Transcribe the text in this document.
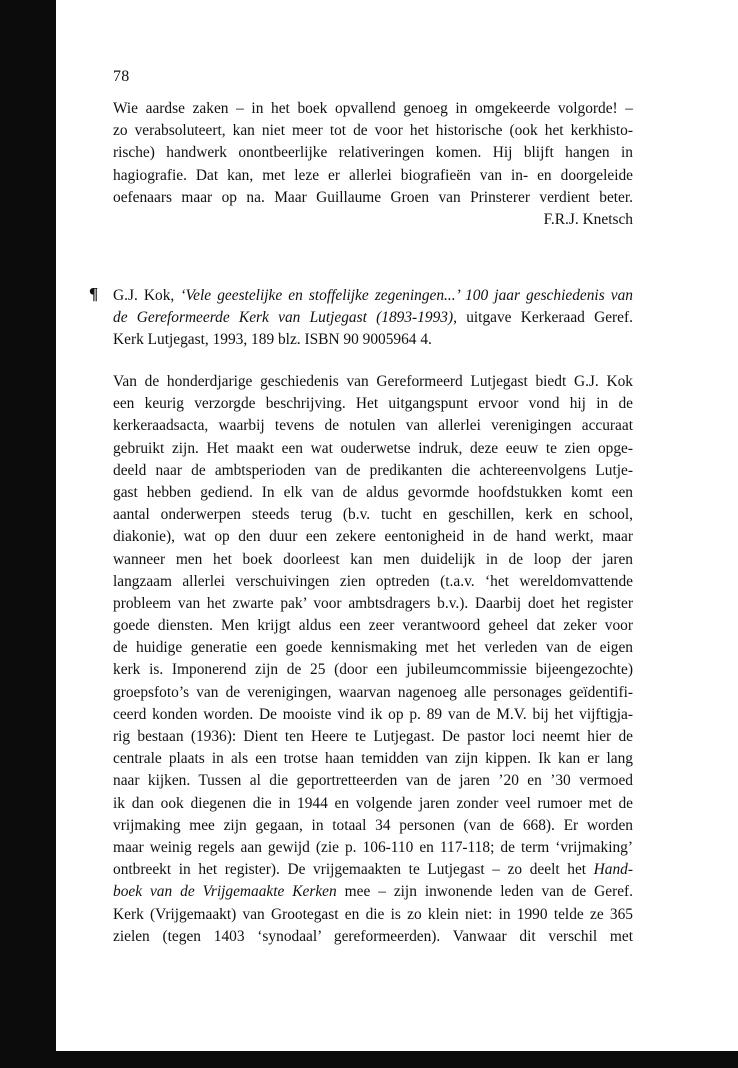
78
Wie aardse zaken – in het boek opvallend genoeg in omgekeerde volgorde! –
zo verabsoluteert, kan niet meer tot de voor het historische (ook het kerkhisto-
rische) handwerk onontbeerlijke relativeringen komen. Hij blijft hangen in
hagiografie. Dat kan, met leze er allerlei biografieën van in- en doorgeleide
oefenaars maar op na. Maar Guillaume Groen van Prinsterer verdient beter.
F.R.J. Knetsch
¶ G.J. Kok, ‘Vele geestelijke en stoffelijke zegeningen...’ 100 jaar geschiedenis van
de Gereformeerde Kerk van Lutjegast (1893-1993), uitgave Kerkeraad Geref.
Kerk Lutjegast, 1993, 189 blz. ISBN 90 9005964 4.
Van de honderdjarige geschiedenis van Gereformeerd Lutjegast biedt G.J. Kok
een keurig verzorgde beschrijving. Het uitgangspunt ervoor vond hij in de
kerkeraadsacta, waarbij tevens de notulen van allerlei verenigingen accuraat
gebruikt zijn. Het maakt een wat ouderwetse indruk, deze eeuw te zien opge-
deeld naar de ambtsperioden van de predikanten die achtereenvolgens Lutje-
gast hebben gediend. In elk van de aldus gevormde hoofdstukken komt een
aantal onderwerpen steeds terug (b.v. tucht en geschillen, kerk en school,
diakonie), wat op den duur een zekere eentonigheid in de hand werkt, maar
wanneer men het boek doorleest kan men duidelijk in de loop der jaren
langzaam allerlei verschuivingen zien optreden (t.a.v. ‘het wereldomvattende
probleem van het zwarte pak’ voor ambtsdragers b.v.). Daarbij doet het register
goede diensten. Men krijgt aldus een zeer verantwoord geheel dat zeker voor
de huidige generatie een goede kennismaking met het verleden van de eigen
kerk is. Imponerend zijn de 25 (door een jubileumcommissie bijeengezochte)
groepsfoto’s van de verenigingen, waarvan nagenoeg alle personages geïdentifi-
ceerd konden worden. De mooiste vind ik op p. 89 van de M.V. bij het vijftigja-
rig bestaan (1936): Dient ten Heere te Lutjegast. De pastor loci neemt hier de
centrale plaats in als een trotse haan temidden van zijn kippen. Ik kan er lang
naar kijken. Tussen al die geportretteerden van de jaren ’20 en ’30 vermoed
ik dan ook diegenen die in 1944 en volgende jaren zonder veel rumoer met de
vrijmaking mee zijn gegaan, in totaal 34 personen (van de 668). Er worden
maar weinig regels aan gewijd (zie p. 106-110 en 117-118; de term ‘vrijmaking’
ontbreekt in het register). De vrijgemaakten te Lutjegast – zo deelt het Hand-
boek van de Vrijgemaakte Kerken mee – zijn inwonende leden van de Geref.
Kerk (Vrijgemaakt) van Grootegast en die is zo klein niet: in 1990 telde ze 365
zielen (tegen 1403 ‘synodaal’ gereformeerden). Vanwaar dit verschil met
